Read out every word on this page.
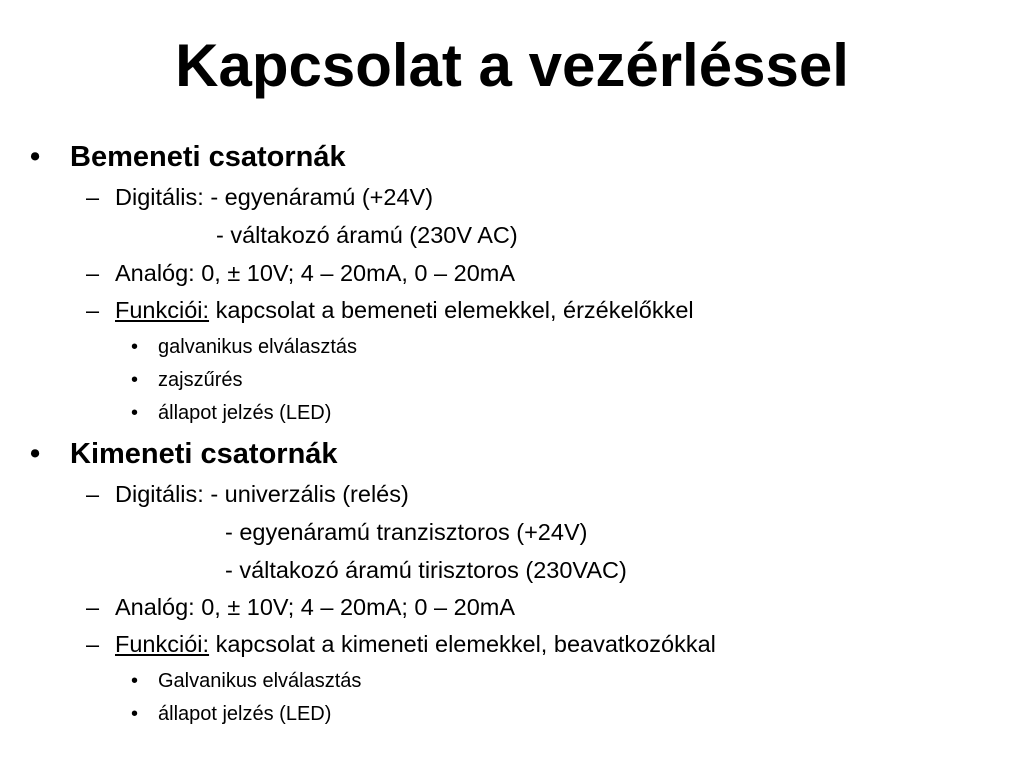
Kapcsolat a vezérléssel
• Bemeneti csatornák
– Digitális: - egyenáramú (+24V)
- váltakozó áramú (230V AC)
– Analóg: 0, ± 10V; 4 – 20mA, 0 – 20mA
– Funkciói: kapcsolat a bemeneti elemekkel, érzékelőkkel
• galvanikus elválasztás
• zajszűrés
• állapot jelzés (LED)
• Kimeneti csatornák
– Digitális: - univerzális (relés)
- egyenáramú tranzisztoros (+24V)
- váltakozó áramú tirisztoros (230VAC)
– Analóg: 0, ± 10V; 4 – 20mA; 0 – 20mA
– Funkciói: kapcsolat a kimeneti elemekkel, beavatkozókkal
• Galvanikus elválasztás
• állapot jelzés (LED)
